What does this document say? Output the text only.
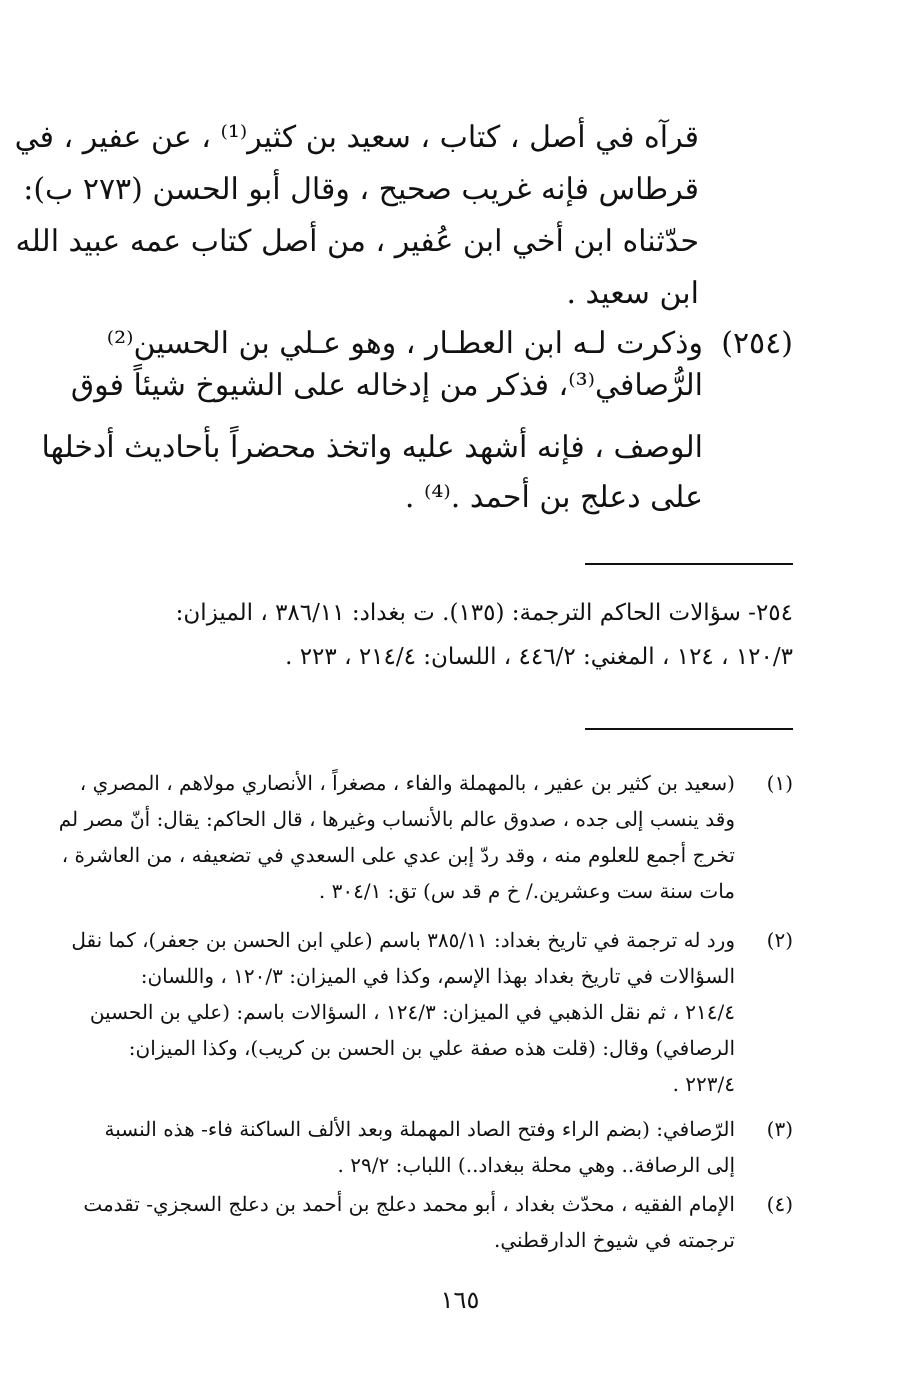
قرآه في أصل ، كتاب ، سعيد بن كثير⁽¹⁾ ، عن عفير ، في
قرطاس فإنه غريب صحيح ، وقال أبو الحسن (٢٧٣ ب):
حدّثناه ابن أخي ابن عُفير ، من أصل كتاب عمه عبيد الله
ابن سعيد .
(٢٥٤)
وذكرت لـه ابن العطـار ، وهو عـلي بن الحسين⁽²⁾
الرُّصافي⁽³⁾، فذكر من إدخاله على الشيوخ شيئاً فوق
الوصف ، فإنه أشهد عليه واتخذ محضراً بأحاديث أدخلها
على دعلج بن أحمد .⁽⁴⁾ .
٢٥٤- سؤالات الحاكم الترجمة: (١٣٥). ت بغداد: ٣٨٦/١١ ، الميزان:
١٢٠/٣ ، ١٢٤ ، المغني: ٤٤٦/٢ ، اللسان: ٢١٤/٤ ، ٢٢٣ .
(١)
(سعيد بن كثير بن عفير ، بالمهملة والفاء ، مصغراً ، الأنصاري مولاهم ، المصري ،
وقد ينسب إلى جده ، صدوق عالم بالأنساب وغيرها ، قال الحاكم: يقال: أنّ مصر لم
تخرج أجمع للعلوم منه ، وقد ردّ إبن عدي على السعدي في تضعيفه ، من العاشرة ،
مات سنة ست وعشرين./ خ م قد س) تق: ٣٠٤/١ .
(٢)
ورد له ترجمة في تاريخ بغداد: ٣٨٥/١١ باسم (علي ابن الحسن بن جعفر)، كما نقل
السؤالات في تاريخ بغداد بهذا الإسم، وكذا في الميزان: ١٢٠/٣ ، واللسان:
٢١٤/٤ ، ثم نقل الذهبي في الميزان: ١٢٤/٣ ، السؤالات باسم: (علي بن الحسين
الرصافي) وقال: (قلت هذه صفة علي بن الحسن بن كريب)، وكذا الميزان:
٢٢٣/٤ .
(٣)
الرّصافي: (بضم الراء وفتح الصاد المهملة وبعد الألف الساكنة فاء- هذه النسبة
إلى الرصافة.. وهي محلة ببغداد..) اللباب: ٢٩/٢ .
(٤)
الإمام الفقيه ، محدّث بغداد ، أبو محمد دعلج بن أحمد بن دعلج السجزي- تقدمت
ترجمته في شيوخ الدارقطني.
١٦٥
